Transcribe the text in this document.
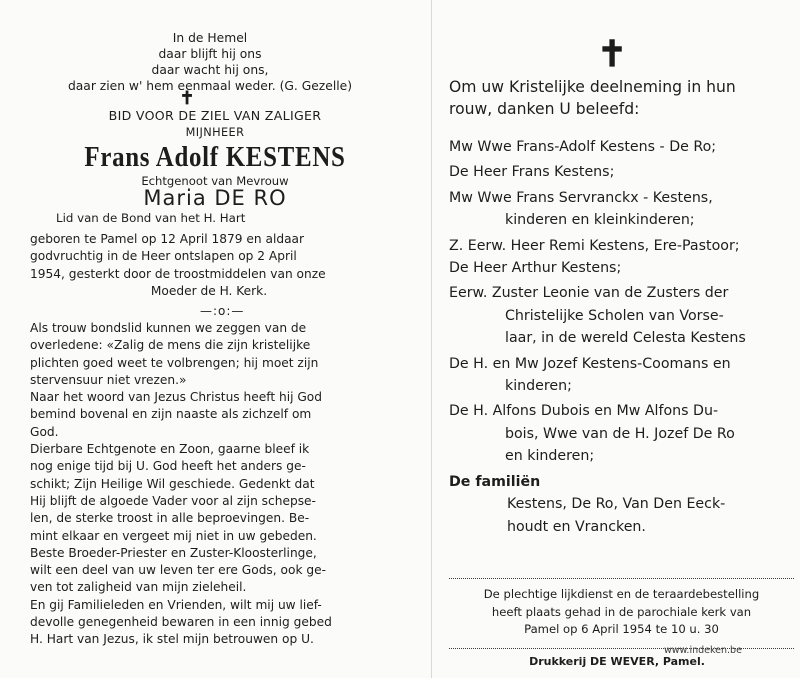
In de Hemel
daar blijft hij ons
daar wacht hij ons,
daar zien w' hem eenmaal weder. (G. Gezelle)
✝
BID VOOR DE ZIEL VAN ZALIGER
MIJNHEER
Frans Adolf KESTENS
Echtgenoot van Mevrouw
Maria DE RO
Lid van de Bond van het H. Hart
geboren te Pamel op 12 April 1879 en aldaar
godvruchtig in de Heer ontslapen op 2 April
1954, gesterkt door de troostmiddelen van onze
Moeder de H. Kerk.
—:o:—
Als trouw bondslid kunnen we zeggen van de
overledene: «Zalig de mens die zijn kristelijke
plichten goed weet te volbrengen; hij moet zijn
stervensuur niet vrezen.»
Naar het woord van Jezus Christus heeft hij God
bemind bovenal en zijn naaste als zichzelf om
God.
Dierbare Echtgenote en Zoon, gaarne bleef ik
nog enige tijd bij U. God heeft het anders ge-
schikt; Zijn Heilige Wil geschiede. Gedenkt dat
Hij blijft de algoede Vader voor al zijn schepse-
len, de sterke troost in alle beproevingen. Be-
mint elkaar en vergeet mij niet in uw gebeden.
Beste Broeder-Priester en Zuster-Kloosterlinge,
wilt een deel van uw leven ter ere Gods, ook ge-
ven tot zaligheid van mijn zieleheil.
En gij Familieleden en Vrienden, wilt mij uw lief-
devolle genegenheid bewaren in een innig gebed
H. Hart van Jezus, ik stel mijn betrouwen op U.
✝
Om uw Kristelijke deelneming in hun
rouw, danken U beleefd:
Mw Wwe Frans-Adolf Kestens - De Ro;
De Heer Frans Kestens;
Mw Wwe Frans Servranckx - Kestens,
kinderen en kleinkinderen;
Z. Eerw. Heer Remi Kestens, Ere-Pastoor;
De Heer Arthur Kestens;
Eerw. Zuster Leonie van de Zusters der
Christelijke Scholen van Vorse-
laar, in de wereld Celesta Kestens
De H. en Mw Jozef Kestens-Coomans en
kinderen;
De H. Alfons Dubois en Mw Alfons Du-
bois, Wwe van de H. Jozef De Ro
en kinderen;
De familiën
Kestens, De Ro, Van Den Eeck-
houdt en Vrancken.
De plechtige lijkdienst en de teraardebestelling
heeft plaats gehad in de parochiale kerk van
Pamel op 6 April 1954 te 10 u. 30
Drukkerij DE WEVER, Pamel.
www.indeken.be
